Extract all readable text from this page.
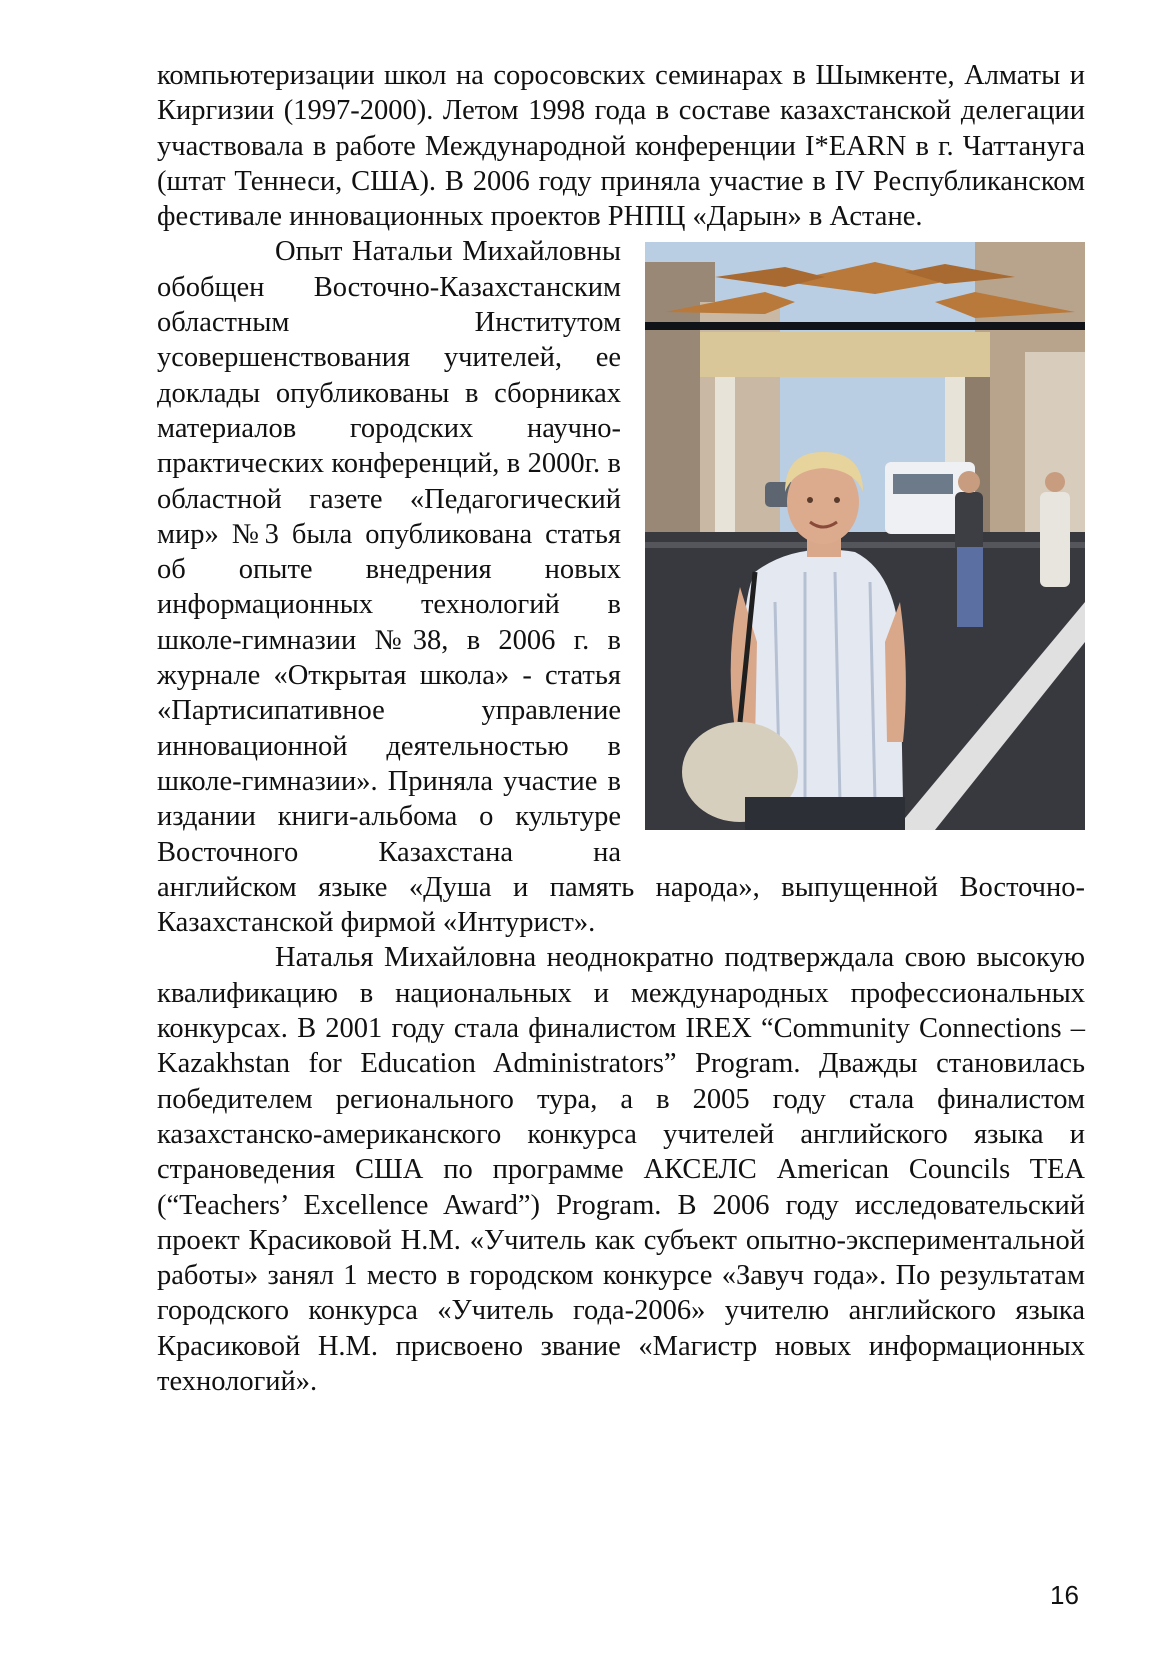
компьютеризации школ на соросовских семинарах в Шымкенте, Алматы и Киргизии (1997-2000). Летом 1998 года в составе казахстанской делегации участвовала в работе Международной конференции I*EARN в г. Чаттануга (штат Теннеси, США). В 2006 году приняла участие в IV Республиканском фестивале инновационных проектов РНПЦ «Дарын» в Астане.

Опыт Натальи Михайловны обобщен Восточно-Казахстанским областным Институтом усовершенствования учителей, ее доклады опубликованы в сборниках материалов городских научно-практических конференций, в 2000г. в областной газете «Педагогический мир» №3 была опубликована статья об опыте внедрения новых информационных технологий в школе-гимназии №38, в 2006 г. в журнале «Открытая школа» - статья «Партисипативное управление инновационной деятельностью в школе-гимназии». Приняла участие в издании книги-альбома о культуре Восточного Казахстана на английском языке «Душа и память народа», выпущенной Восточно-Казахстанской фирмой «Интурист».

Наталья Михайловна неоднократно подтверждала свою высокую квалификацию в национальных и международных профессиональных конкурсах. В 2001 году стала финалистом IREX “Community Connections – Kazakhstan for Education Administrators” Program. Дважды становилась победителем регионального тура, а в 2005 году стала финалистом казахстанско-американского конкурса учителей английского языка и страноведения США по программе АКСЕЛС American Councils TEA (“Teachers’ Excellence Award”) Program. В 2006 году исследовательский проект Красиковой Н.М. «Учитель как субъект опытно-экспериментальной работы» занял 1 место в городском конкурсе «Завуч года». По результатам городского конкурса «Учитель года-2006» учителю английского языка Красиковой Н.М. присвоено звание «Магистр новых информационных технологий».

16
